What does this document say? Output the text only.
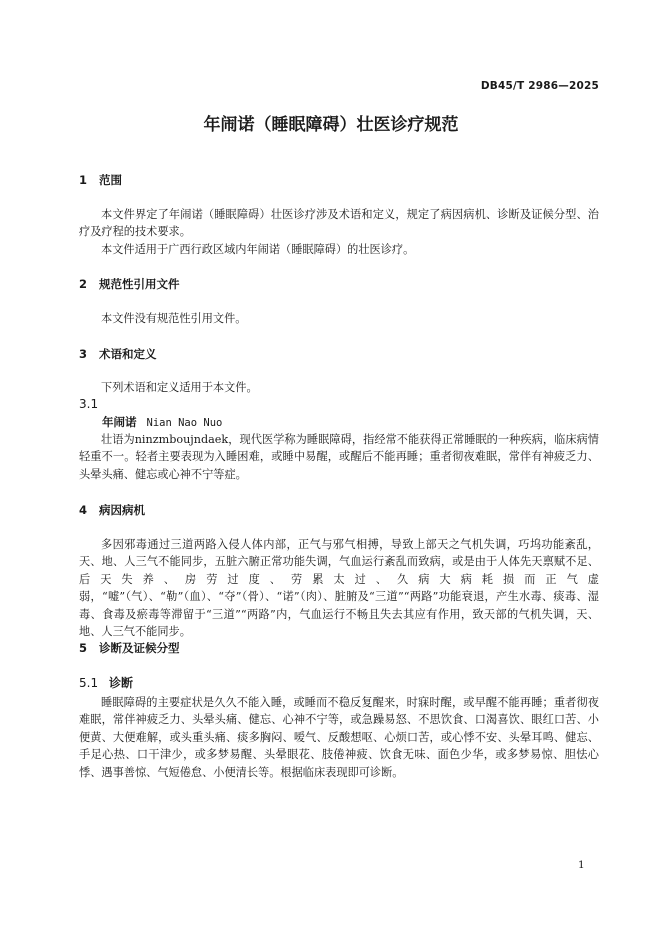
DB45/T 2986—2025
年闹诺（睡眠障碍）壮医诊疗规范
1 范围
本文件界定了年闹诺（睡眠障碍）壮医诊疗涉及术语和定义，规定了病因病机、诊断及证候分型、治疗及疗程的技术要求。
本文件适用于广西行政区域内年闹诺（睡眠障碍）的壮医诊疗。
2 规范性引用文件
本文件没有规范性引用文件。
3 术语和定义
下列术语和定义适用于本文件。
3.1
年闹诺 Nian Nao Nuo
壮语为ninzmboujndaek，现代医学称为睡眠障碍，指经常不能获得正常睡眠的一种疾病，临床病情轻重不一。轻者主要表现为入睡困难，或睡中易醒，或醒后不能再睡；重者彻夜难眠，常伴有神疲乏力、头晕头痛、健忘或心神不宁等症。
4 病因病机
多因邪毒通过三道两路入侵人体内部，正气与邪气相搏，导致上部天之气机失调，巧坞功能紊乱，天、地、人三气不能同步，五脏六腑正常功能失调，气血运行紊乱而致病，或是由于人体先天禀赋不足、后天失养、房劳过度、劳累太过、久病大病耗损而正气虚弱，“嘘”（气）、“勒”（血）、“夺”（骨）、“诺”（肉）、脏腑及“三道”“两路”功能衰退，产生水毒、痰毒、湿毒、食毒及瘀毒等滞留于“三道”“两路”内，气血运行不畅且失去其应有作用，致天部的气机失调，天、地、人三气不能同步。
5 诊断及证候分型
5.1 诊断
睡眠障碍的主要症状是久久不能入睡，或睡而不稳反复醒来，时寐时醒，或早醒不能再睡；重者彻夜难眠，常伴神疲乏力、头晕头痛、健忘、心神不宁等，或急躁易怒、不思饮食、口渴喜饮、眼红口苦、小便黄、大便难解，或头重头痛、痰多胸闷、嗳气、反酸想呕、心烦口苦，或心悸不安、头晕耳鸣、健忘、手足心热、口干津少，或多梦易醒、头晕眼花、肢倦神疲、饮食无味、面色少华，或多梦易惊、胆怯心悸、遇事善惊、气短倦怠、小便清长等。根据临床表现即可诊断。
1
